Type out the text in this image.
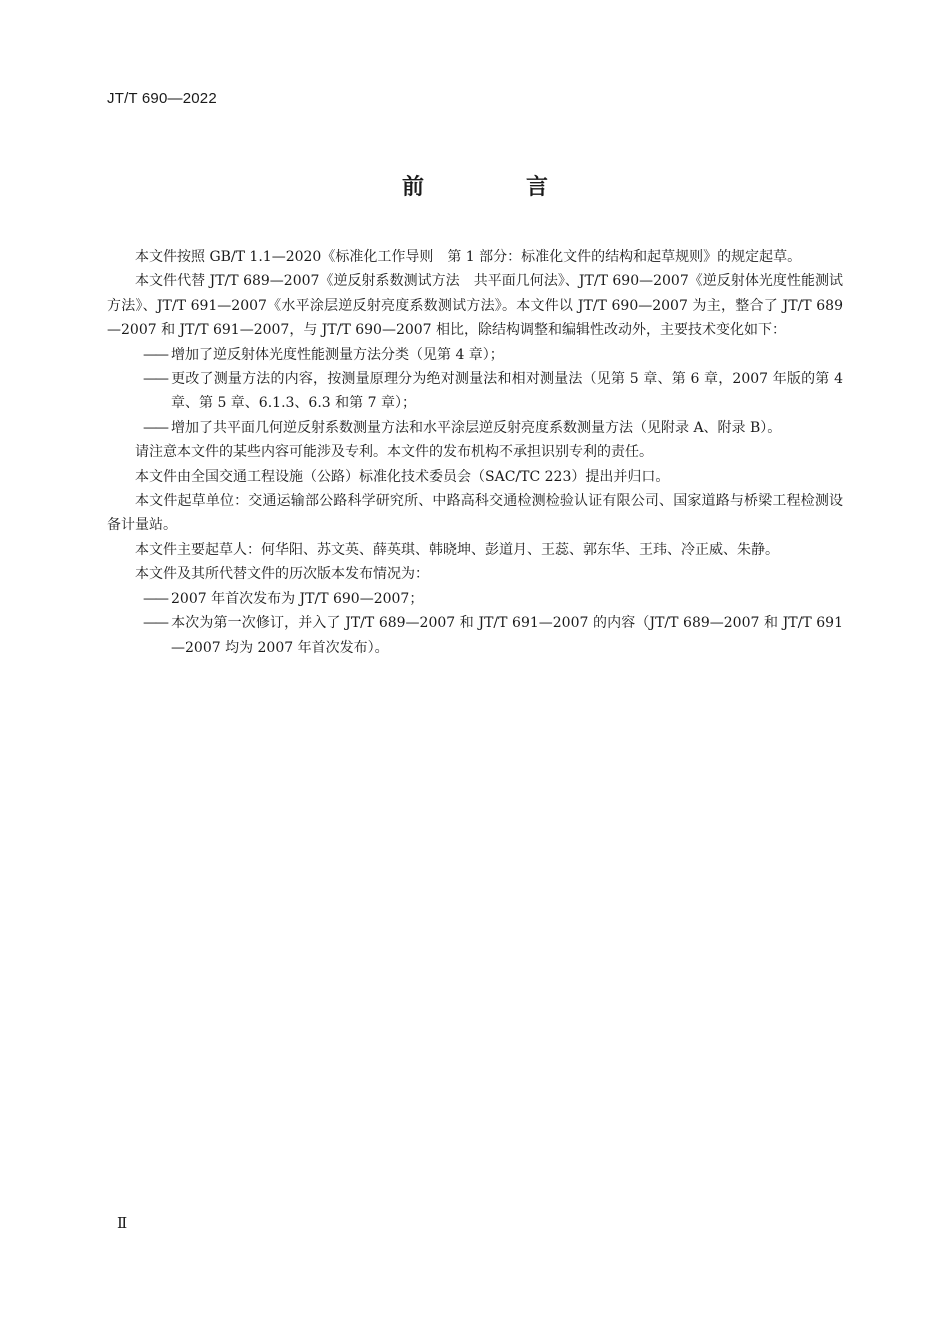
JT/T 690—2022
前　言

本文件按照 GB/T 1.1—2020《标准化工作导则　第 1 部分：标准化文件的结构和起草规则》的规定起草。

本文件代替 JT/T 689—2007《逆反射系数测试方法　共平面几何法》、JT/T 690—2007《逆反射体光度性能测试方法》、JT/T 691—2007《水平涂层逆反射亮度系数测试方法》。本文件以 JT/T 690—2007 为主，整合了 JT/T 689—2007 和 JT/T 691—2007，与 JT/T 690—2007 相比，除结构调整和编辑性改动外，主要技术变化如下：

—— 增加了逆反射体光度性能测量方法分类（见第 4 章）；

—— 更改了测量方法的内容，按测量原理分为绝对测量法和相对测量法（见第 5 章、第 6 章，2007 年版的第 4 章、第 5 章、6.1.3、6.3 和第 7 章）；

—— 增加了共平面几何逆反射系数测量方法和水平涂层逆反射亮度系数测量方法（见附录 A、附录 B）。

请注意本文件的某些内容可能涉及专利。本文件的发布机构不承担识别专利的责任。

本文件由全国交通工程设施（公路）标准化技术委员会（SAC/TC 223）提出并归口。

本文件起草单位：交通运输部公路科学研究所、中路高科交通检测检验认证有限公司、国家道路与桥梁工程检测设备计量站。

本文件主要起草人：何华阳、苏文英、薛英琪、韩晓坤、彭道月、王蕊、郭东华、王玮、冷正威、朱静。

本文件及其所代替文件的历次版本发布情况为：

—— 2007 年首次发布为 JT/T 690—2007；

—— 本次为第一次修订，并入了 JT/T 689—2007 和 JT/T 691—2007 的内容（JT/T 689—2007 和 JT/T 691—2007 均为 2007 年首次发布）。

Ⅱ
